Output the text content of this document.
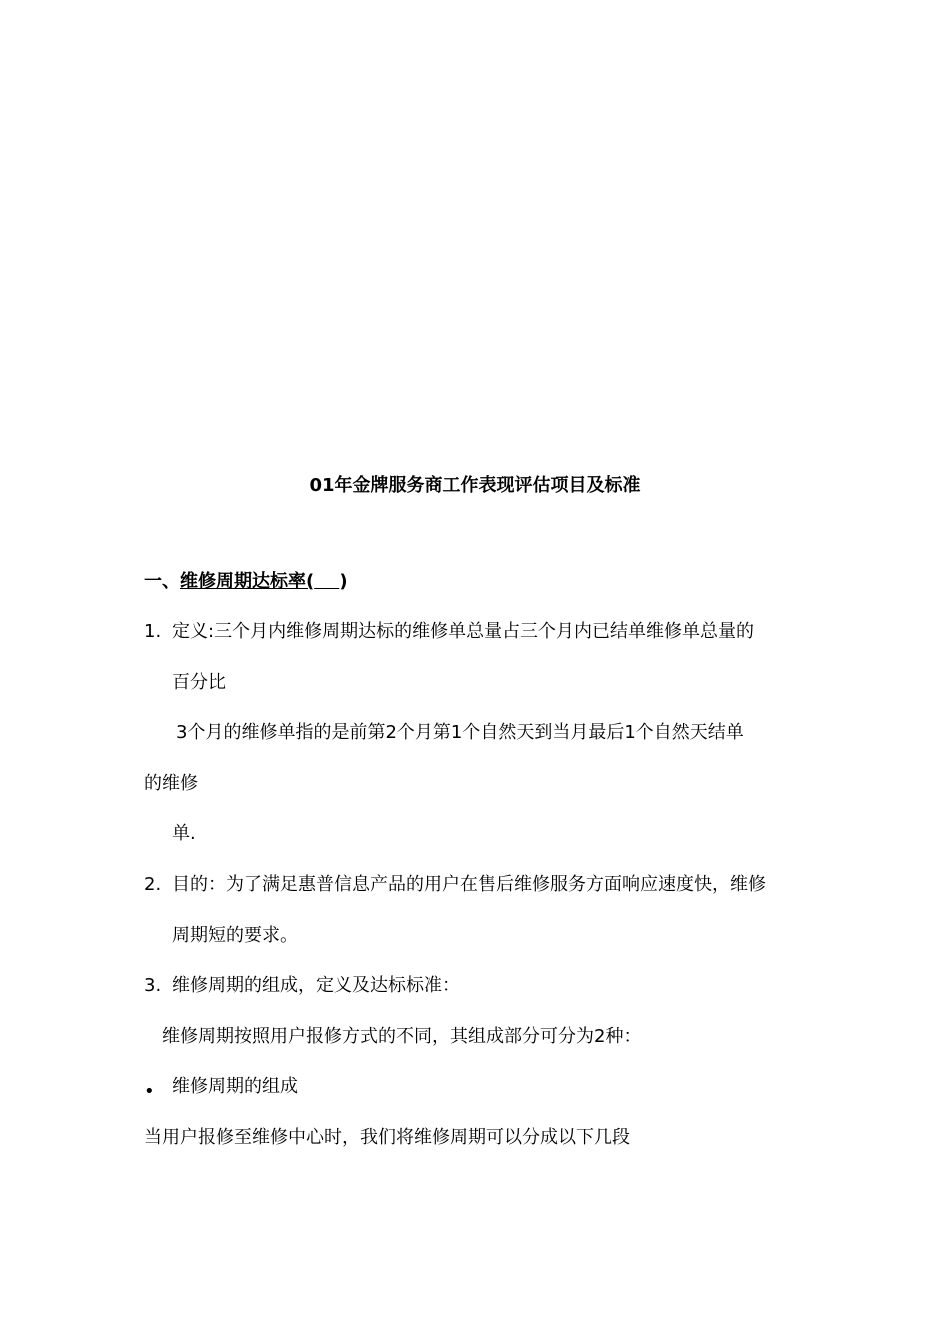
01年金牌服务商工作表现评估项目及标准
一、维修周期达标率( )
1. 定义:三个月内维修周期达标的维修单总量占三个月内已结单维修单总量的
百分比
3个月的维修单指的是前第2个月第1个自然天到当月最后1个自然天结单
的维修
单.
2. 目的：为了满足惠普信息产品的用户在售后维修服务方面响应速度快，维修
周期短的要求。
3. 维修周期的组成，定义及达标标准：
维修周期按照用户报修方式的不同，其组成部分可分为2种：
• 维修周期的组成
当用户报修至维修中心时，我们将维修周期可以分成以下几段
